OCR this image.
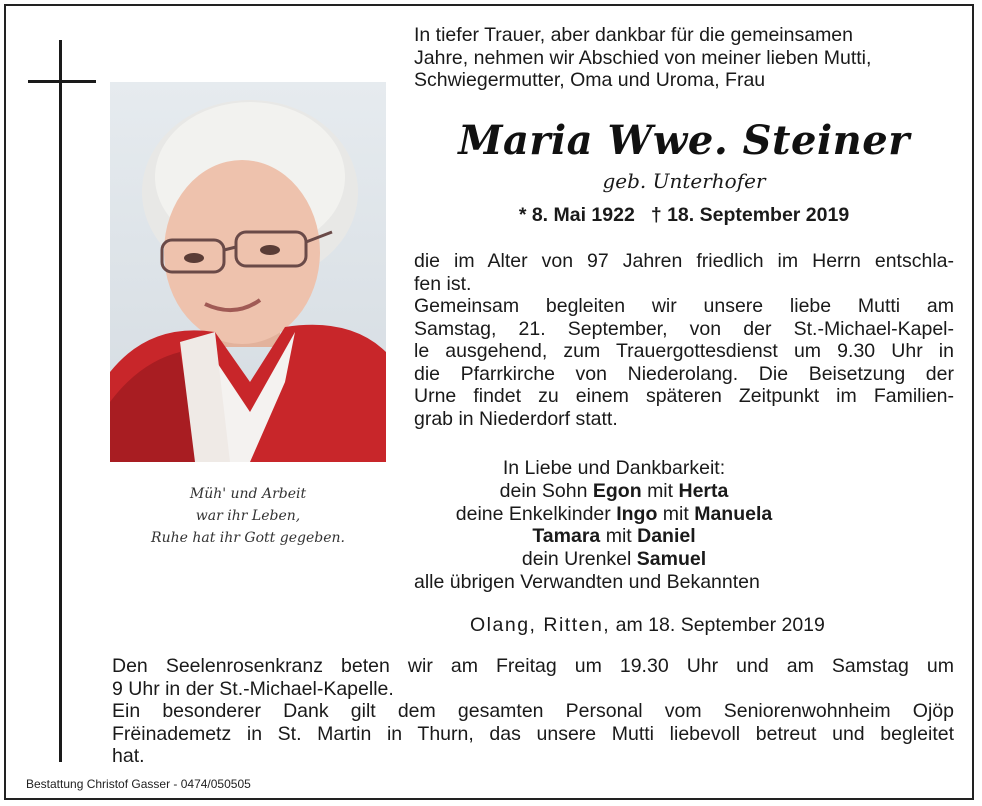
Müh' und Arbeit
war ihr Leben,
Ruhe hat ihr Gott gegeben.
In tiefer Trauer, aber dankbar für die gemeinsamen
Jahre, nehmen wir Abschied von meiner lieben Mutti,
Schwiegermutter, Oma und Uroma, Frau
Maria Wwe. Steiner
geb. Unterhofer
* 8. Mai 1922 † 18. September 2019
die im Alter von 97 Jahren friedlich im Herrn entschla-
fen ist.
Gemeinsam begleiten wir unsere liebe Mutti am
Samstag, 21. September, von der St.-Michael-Kapel-
le ausgehend, zum Trauergottesdienst um 9.30 Uhr in
die Pfarrkirche von Niederolang. Die Beisetzung der
Urne findet zu einem späteren Zeitpunkt im Familien-
grab in Niederdorf statt.
In Liebe und Dankbarkeit:
dein Sohn Egon mit Herta
deine Enkelkinder Ingo mit Manuela
Tamara mit Daniel
dein Urenkel Samuel
alle übrigen Verwandten und Bekannten
Olang, Ritten, am 18. September 2019
Den Seelenrosenkranz beten wir am Freitag um 19.30 Uhr und am Samstag um
9 Uhr in der St.-Michael-Kapelle.
Ein besonderer Dank gilt dem gesamten Personal vom Seniorenwohnheim Ojöp
Frëinademetz in St. Martin in Thurn, das unsere Mutti liebevoll betreut und begleitet
hat.
Bestattung Christof Gasser - 0474/050505
